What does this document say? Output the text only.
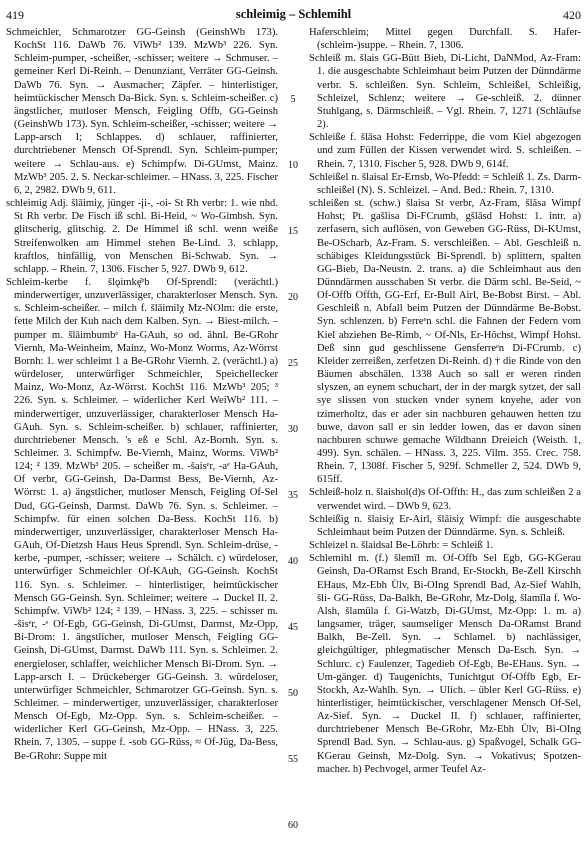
419	schleimig – Schlemihl	420

Schmeichler, Schmarotzer GG-Geinsh (GeinshWb 173). KochSt 116. DaWb 76. ViWb² 139. MzWb³ 226. Syn. Schleim-pumper, -scheißer, -schisser; weitere → Schmuser. – gemeiner Kerl Di-Reinh. – Denunziant, Verräter GG-Geinsh. DaWb 76. Syn. → Ausmacher; Zäpfer. – hinterlistiger, heimtückischer Mensch Da-Bick. Syn. s. Schleim-scheißer. c) ängstlicher, mutloser Mensch, Feigling Offb, GG-Geinsh (GeinshWb 173). Syn. Schleim-scheißer, -schisser; weitere → Lapp-arsch I; Schlappes. d) schlauer, raffinierter, durchtriebener Mensch Of-Sprendl. Syn. Schleim-pumper; weitere → Schlau-aus. e) Schimpfw. Di-GUmst, Mainz. MzWb³ 205. 2. S. Neckar-schleimer. – HNass. 3, 225. Fischer 6, 2, 2982. DWb 9, 611.

schleimig Adj. šlāimiχ, jünger -įi-, -oi- St Rh verbr: 1. wie nhd. St Rh verbr. De Fisch iß schl. Bi-Heid, ~ Wo-Gimbsh. Syn. glitscherig, glitschig. 2. De Himmel iß schl. wenn weiße Streifenwolken am Himmel stehen Be-Lind. 3. schlapp, kraftlos, hinfällig, von Menschen Bi-Schwab. Syn. → schlapp. – Rhein. 7, 1306. Fischer 5, 927. DWb 9, 612.

Schleim-kerbe f. šlǫimkę̄ᵉb Of-Sprendl: (verächtl.) minderwertiger, unzuverlässiger, charakterloser Mensch. Syn. s. Schleim-scheißer. – milch f. šlāimilχ Mz-NOlm: die erste, fette Milch der Kuh nach dem Kalben. Syn. → Biest-milch. – pumper m. šlāimbumbᵉ Ha-GAuh, so od. ähnl. Be-GRohr Viernh, Ma-Weinheim, Mainz, Wo-Monz Worms, Az-Wörrst Bornh: 1. wer schleimt 1 a Be-GRohr Viernh. 2. (verächtl.) a) würdeloser, unterwürfiger Schmeichler, Speichellecker Mainz, Wo-Monz, Az-Wörrst. KochSt 116. MzWb³ 205; ³ 226. Syn. s. Schleimer. – widerlicher Kerl WeiWb² 111. – minderwertiger, unzuverlässiger, charakterloser Mensch Ha-GAuh. Syn. s. Schleim-scheißer. b) schlauer, raffinierter, durchtriebener Mensch. 's eß e Schl. Az-Bornh. Syn. s. Schleimer. 3. Schimpfw. Be-Viernh, Mainz, Worms. ViWb² 124; ² 139. MzWb³ 205. – scheißer m. -šaisᵉr, -aᵉ Ha-GAuh, Of verbr, GG-Geinsh, Da-Darmst Bess, Be-Viernh, Az-Wörrst: 1. a) ängstlicher, mutloser Mensch, Feigling Of-Sel Dud, GG-Geinsh, Darmst. DaWb 76. Syn. s. Schleimer. – Schimpfw. für einen solchen Da-Bess. KochSt 116. b) minderwertiger, unzuverlässiger, charakterloser Mensch Ha-GAuh, Of-Dietzsh Haus Heus Sprendl. Syn. Schleim-drüse, -kerbe, -pumper, -schisser; weitere → Schälch. c) würdeloser, unterwürfiger Schmeichler Of-KAuh, GG-Geinsh. KochSt 116. Syn. s. Schleimer. – hinterlistiger, heimtückischer Mensch GG-Geinsh. Syn. Schleimer; weitere → Duckel II. 2. Schimpfw. ViWb² 124; ² 139. – HNass. 3, 225. – schisser m. -šisᵉr, -ᵉ Of-Egb, GG-Geinsh, Di-GUmst, Darmst, Mz-Opp, Bi-Drom: 1. ängstlicher, mutloser Mensch, Feigling GG-Geinsh, Di-GUmst, Darmst. DaWb 111. Syn. s. Schleimer. 2. energieloser, schlaffer, weichlicher Mensch Bi-Drom. Syn. → Lapp-arsch I. – Drückeberger GG-Geinsh. 3. würdeloser, unterwürfiger Schmeichler, Schmarotzer GG-Geinsh. Syn. s. Schleimer. – minderwertiger, unzuverlässiger, charakterloser Mensch Of-Egb, Mz-Opp. Syn. s. Schleim-scheißer. – widerlicher Kerl GG-Geinsh, Mz-Opp. – HNass. 3, 225. Rhein. 7, 1305. – suppe f. -sob GG-Rüss, ≈ Of-Jüg, Da-Bess, Be-GRohr: Suppe mit

5
10
15
20
25
30
35
40
45
50
55
60

Haferschleim; Mittel gegen Durchfall. S. Hafer-(schleim-)suppe. – Rhein. 7, 1306.

Schleiß m. šlais GG-Bütt Bieb, Di-Licht, DaNMod, Az-Fram: 1. die ausgeschabte Schleimhaut beim Putzen der Dünndärme verbr. S. schleißen. Syn. Schleim, Schleißel, Schleißig, Schleizel, Schlenz; weitere → Ge-schleiß. 2. dünner Stuhlgang, s. Därmschleiß. – Vgl. Rhein. 7, 1271 (Schläufse 2).

Schleiße f. šlāsa Hohst: Federrippe, die vom Kiel abgezogen und zum Füllen der Kissen verwendet wird. S. schleißen. – Rhein. 7, 1310. Fischer 5, 928. DWb 9, 614f.

Schleißel n. šlaisal Er-Ernsb, Wo-Pfedd: = Schleiß 1. Zs. Darm-schleißel (N). S. Schleizel. – And. Bed.: Rhein. 7, 1310.

schleißen st. (schw.) šlaisa St verbr, Az-Fram, šlāsa Wimpf Hohst; Pt. gašlisa Di-FCrumb, gšlāsd Hohst: 1. intr. a) zerfasern, sich auflösen, von Geweben GG-Rüss, Di-KUmst, Be-OScharb, Az-Fram. S. verschleißen. – Abl. Geschleiß n. schäbiges Kleidungsstück Bi-Sprendl. b) splittern, spalten GG-Bieb, Da-Neustn. 2. trans. a) die Schleimhaut aus den Dünndärmen ausschaben St verbr. die Därm schl. Be-Seid, ~ Of-Offb Offth, GG-Erf, Er-Bull Airl, Be-Bobst Birst. – Abl. Geschleiß n. Abfall beim Putzen der Dünndärme Be-Bobst. Syn. schlenzen. b) Ferreᵉn schl. die Fahnen der Federn vom Kiel abziehen Be-Rimb, ~ Of-Nls, Er-Höchst, Wimpf Hohst. Deß sinn gud geschlissene Gensferreᵉn Di-FCrumb. c) Kleider zerreißen, zerfetzen Di-Reinh. d) † die Rinde von den Bäumen abschälen. 1338 Auch so sall er weren rinden slyszen, an eynem schuchart, der in der margk sytzet, der sall sye slissen von stucken vnder synem knyehe, ader von tzimerholtz, das er ader sin nachburen gehauwen hetten tzu buwe, davon sall er sin ledder lowen, das er davon sinen nachburen schuwe gemache Wildbann Dreieich (Weisth. 1, 499). Syn. schälen. – HNass. 3, 225. Vilm. 355. Crec. 758. Rhein. 7, 1308f. Fischer 5, 929f. Schmeller 2, 524. DWb 9, 615ff.

Schleiß-holz n. šlaishol(d)s Of-Offth: H., das zum schleißen 2 a verwendet wird. – DWb 9, 623.

Schleißig n. šlaisiχ Er-Airl, šlāisiχ Wimpf: die ausgeschabte Schleimhaut beim Putzen der Dünndärme. Syn. s. Schleiß.

Schleizel n. šlaidsal Be-Löhrb: = Schleiß 1.

Schlemihl m. (f.) šlemīl m. Of-Offb Sel Egb, GG-KGerau Geinsh, Da-ORamst Esch Brand, Er-Stockh, Be-Zell Kirschh EHaus, Mz-Ebh Ülv, Bi-OIng Sprendl Bad, Az-Sief Wahlh, šli- GG-Rüss, Da-Balkh, Be-GRohr, Mz-Dolg, šlamīla f. Wo-Alsh, šlamūla f. Gi-Watzb, Di-GUmst, Mz-Opp: 1. m. a) langsamer, träger, saumseliger Mensch Da-ORamst Brand Balkh, Be-Zell. Syn. → Schlamel. b) nachlässiger, gleichgültiger, phlegmatischer Mensch Da-Esch. Syn. → Schlurc. c) Faulenzer, Tagedieb Of-Egb, Be-EHaus. Syn. → Um-gänger. d) Taugenichts, Tunichtgut Of-Offb Egb, Er-Stockh, Az-Wahlh. Syn. → Ulich. – übler Kerl GG-Rüss. e) hinterlistiger, heimtückischer, verschlagener Mensch Of-Sel, Az-Sief. Syn. → Duckel II. f) schlauer, raffinierter, durchtriebener Mensch Be-GRohr, Mz-Ebh Ülv, Bi-OIng Sprendl Bad. Syn. → Schlau-aus. g) Spaßvogel, Schalk GG-KGerau Geinsh, Mz-Dolg. Syn. → Vokativus; Spotzen-macher. h) Pechvogel, armer Teufel Az-
